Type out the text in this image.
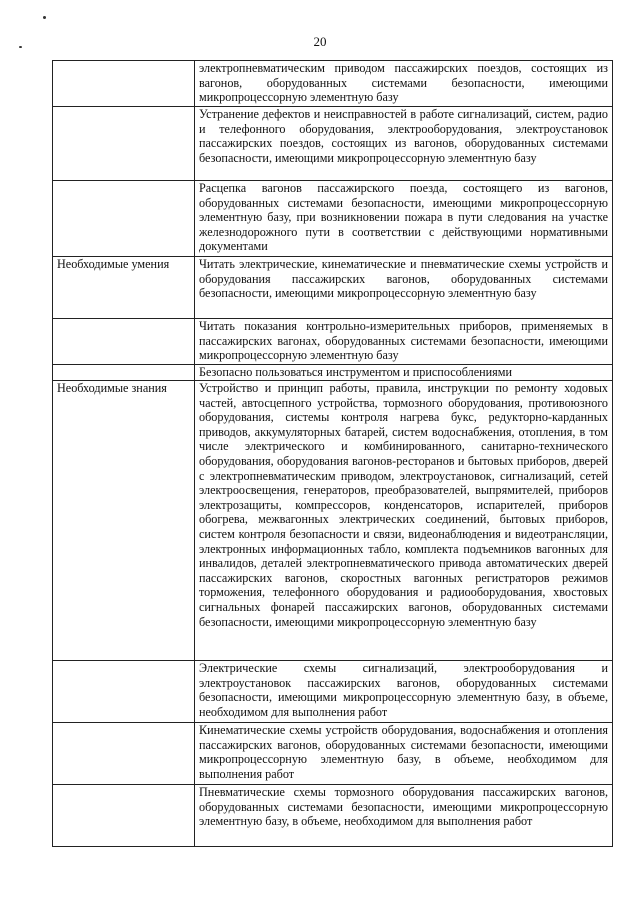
20

	электропневматическим приводом пассажирских поездов, состоящих из вагонов, оборудованных системами безопасности, имеющими микропроцессорную элементную базу

	Устранение дефектов и неисправностей в работе сигнализаций, систем, радио и телефонного оборудования, электрооборудования, электроустановок пассажирских поездов, состоящих из вагонов, оборудованных системами безопасности, имеющими микропроцессорную элементную базу

	Расцепка вагонов пассажирского поезда, состоящего из вагонов, оборудованных системами безопасности, имеющими микропроцессорную элементную базу, при возникновении пожара в пути следования на участке железнодорожного пути в соответствии с действующими нормативными документами

Необходимые умения	Читать электрические, кинематические и пневматические схемы устройств и оборудования пассажирских вагонов, оборудованных системами безопасности, имеющими микропроцессорную элементную базу

	Читать показания контрольно-измерительных приборов, применяемых в пассажирских вагонах, оборудованных системами безопасности, имеющими микропроцессорную элементную базу

	Безопасно пользоваться инструментом и приспособлениями

Необходимые знания	Устройство и принцип работы, правила, инструкции по ремонту ходовых частей, автосцепного устройства, тормозного оборудования, противоюзного оборудования, системы контроля нагрева букс, редукторно-карданных приводов, аккумуляторных батарей, систем водоснабжения, отопления, в том числе электрического и комбинированного, санитарно-технического оборудования, оборудования вагонов-ресторанов и бытовых приборов, дверей с электропневматическим приводом, электроустановок, сигнализаций, сетей электроосвещения, генераторов, преобразователей, выпрямителей, приборов электрозащиты, компрессоров, конденсаторов, испарителей, приборов обогрева, межвагонных электрических соединений, бытовых приборов, систем контроля безопасности и связи, видеонаблюдения и видеотрансляции, электронных информационных табло, комплекта подъемников вагонных для инвалидов, деталей электропневматического привода автоматических дверей пассажирских вагонов, скоростных вагонных регистраторов режимов торможения, телефонного оборудования и радиооборудования, хвостовых сигнальных фонарей пассажирских вагонов, оборудованных системами безопасности, имеющими микропроцессорную элементную базу

	Электрические схемы сигнализаций, электрооборудования и электроустановок пассажирских вагонов, оборудованных системами безопасности, имеющими микропроцессорную элементную базу, в объеме, необходимом для выполнения работ

	Кинематические схемы устройств оборудования, водоснабжения и отопления пассажирских вагонов, оборудованных системами безопасности, имеющими микропроцессорную элементную базу, в объеме, необходимом для выполнения работ

	Пневматические схемы тормозного оборудования пассажирских вагонов, оборудованных системами безопасности, имеющими микропроцессорную элементную базу, в объеме, необходимом для выполнения работ
